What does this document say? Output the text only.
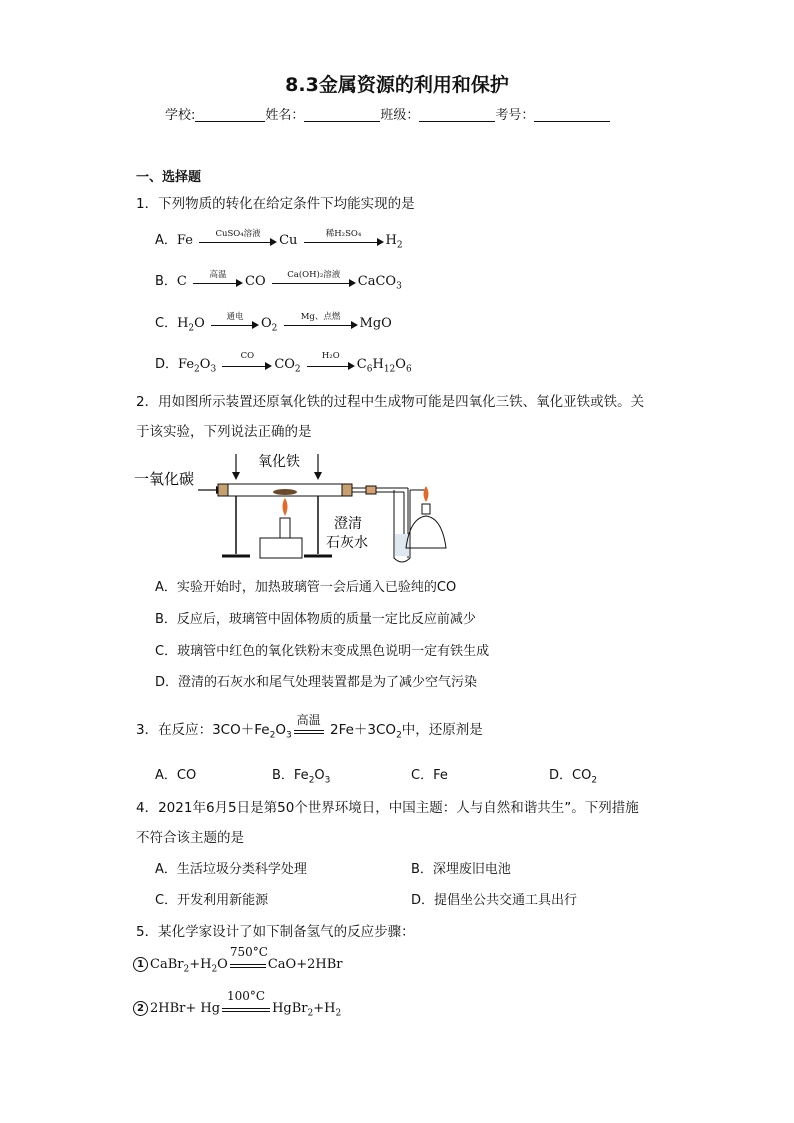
8.3金属资源的利用和保护
学校:	姓名：	班级：	考号：
一、选择题
1．下列物质的转化在给定条件下均能实现的是
A．Fe	CuSO₄溶液	Cu	稀H₂SO₄	$H_2$
B．C	高温	CO	Ca(OH)₂溶液	CaCO$_3$
C．$H_2O$	通电	$O_2$
Mg、点燃	MgO
D．$Fe_2O_3$
CO
$CO_2$
H₂O
$C_6H_{12}O_6$
2．用如图所示装置还原氧化铁的过程中生成物可能是四氧化三铁、氧化亚铁或铁。关
于该实验，下列说法正确的是
一氧化碳
氧化铁
澄清
石灰水
A．实验开始时，加热玻璃管一会后通入已验纯的CO
B．反应后，玻璃管中固体物质的质量一定比反应前减少
C．玻璃管中红色的氧化铁粉末变成黑色说明一定有铁生成
D．澄清的石灰水和尾气处理装置都是为了减少空气污染
3．在反应：$3CO+Fe_2O_3$
高温
$2Fe+3CO_2$中，还原剂是
A．CO	B．$Fe_2O_3$	C．Fe	D．$CO_2$
4．2021年6月5日是第50个世界环境日，中国主题：人与自然和谐共生”。下列措施
不符合该主题的是
A．生活垃圾分类科学处理	B．深埋废旧电池
C．开发利用新能源	D．提倡坐公共交通工具出行
5．某化学家设计了如下制备氢气的反应步骤：
1 $CaBr_2+H_2O$
750°C
CaO+2HBr
2 2HBr+ Hg
100°C
$HgBr_2+H_2$
